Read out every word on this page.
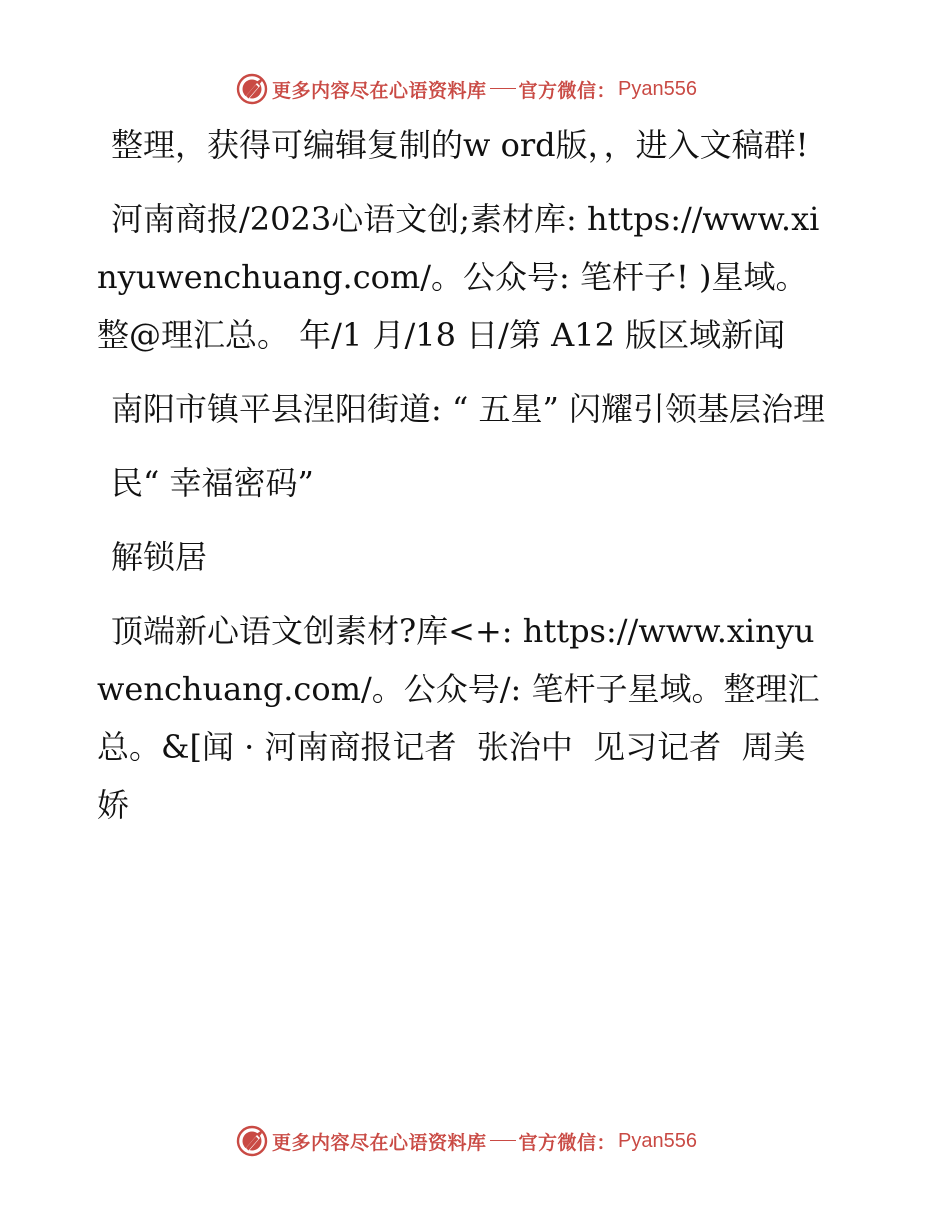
更多内容尽在心语资料库 官方微信： Pyan556

整理，获得可编辑复制的w ord版，，进入文稿群!

河南商报/2023心语文创;素材库: https://www.xinyuwenchuang.com/。公众号: 笔杆子! )星域。整@理汇总。 年/1 月/18 日/第 A12 版区域新闻

南阳市镇平县涅阳街道: “ 五星” 闪耀引领基层治理

民“ 幸福密码”

解锁居

顶端新心语文创素材?库<+: https://www.xinyuwenchuang.com/。公众号/: 笔杆子星域。整理汇总。&[闻 · 河南商报记者  张治中  见习记者  周美娇

更多内容尽在心语资料库 官方微信： Pyan556
